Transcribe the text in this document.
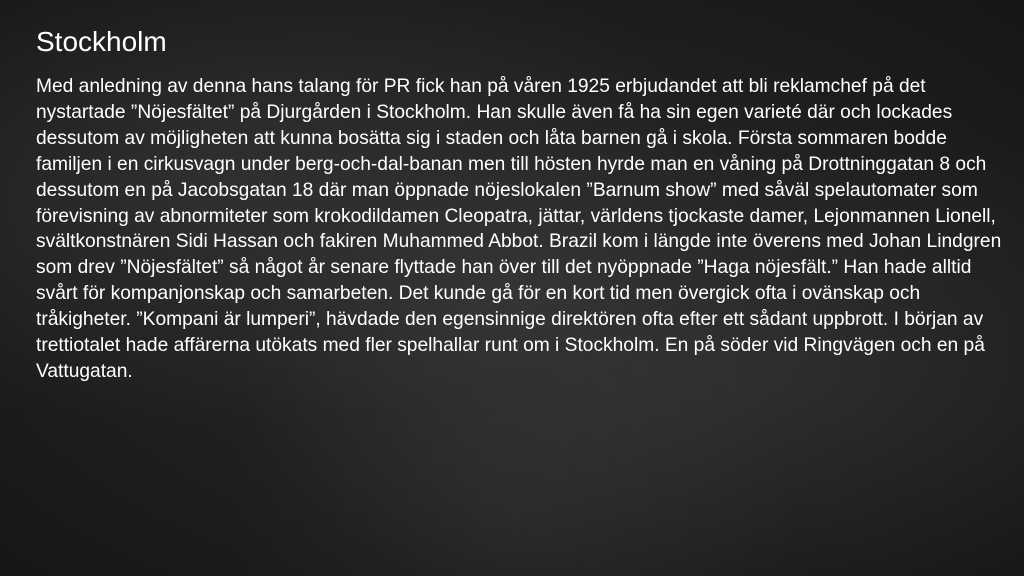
Stockholm

Med anledning av denna hans talang för PR fick han på våren 1925 erbjudandet att bli reklamchef på det nystartade ”Nöjesfältet” på Djurgården i Stockholm. Han skulle även få ha sin egen varieté där och lockades dessutom av möjligheten att kunna bosätta sig i staden och låta barnen gå i skola. Första sommaren bodde familjen i en cirkusvagn under berg-och-dal-banan men till hösten hyrde man en våning på Drottninggatan 8 och dessutom en på Jacobsgatan 18 där man öppnade nöjeslokalen ”Barnum show” med såväl spelautomater som förevisning av abnormiteter som krokodildamen Cleopatra, jättar, världens tjockaste damer, Lejonmannen Lionell, svältkonstnären Sidi Hassan och fakiren Muhammed Abbot. Brazil kom i längde inte överens med Johan Lindgren som drev ”Nöjesfältet” så något år senare flyttade han över till det nyöppnade ”Haga nöjesfält.” Han hade alltid svårt för kompanjonskap och samarbeten. Det kunde gå för en kort tid men övergick ofta i ovänskap och tråkigheter. ”Kompani är lumperi”, hävdade den egensinnige direktören ofta efter ett sådant uppbrott. I början av trettiotalet hade affärerna utökats med fler spelhallar runt om i Stockholm. En på söder vid Ringvägen och en på Vattugatan.
